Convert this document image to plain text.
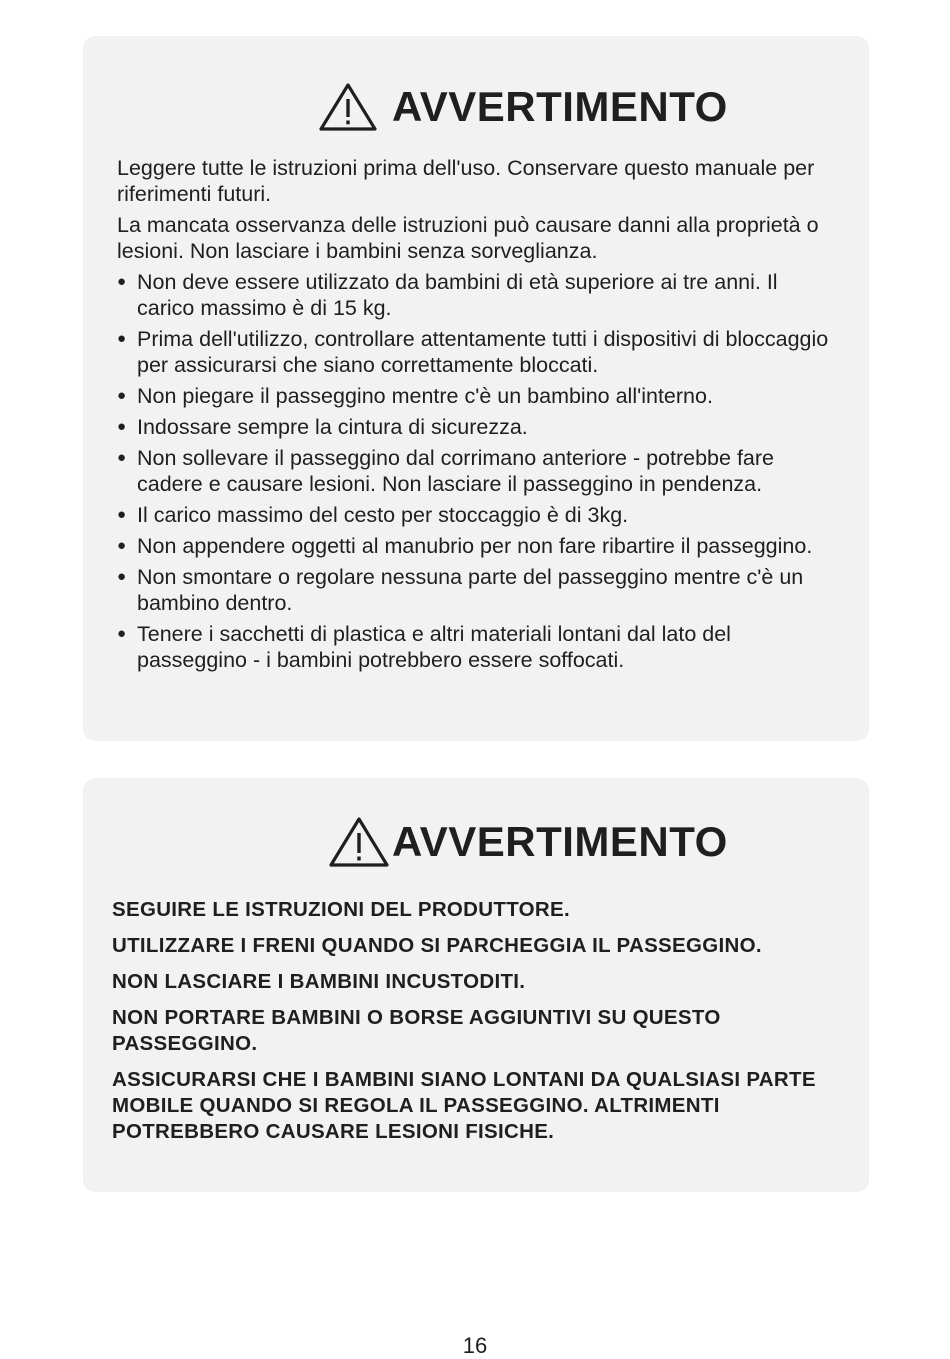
AVVERTIMENTO

Leggere tutte le istruzioni prima dell'uso. Conservare questo manuale per riferimenti futuri.

La mancata osservanza delle istruzioni può causare danni alla proprietà o lesioni. Non lasciare i bambini senza sorveglianza.

● Non deve essere utilizzato da bambini di età superiore ai tre anni. Il carico massimo è di 15 kg.
● Prima dell'utilizzo, controllare attentamente tutti i dispositivi di bloccaggio per assicurarsi che siano correttamente bloccati.
● Non piegare il passeggino mentre c'è un bambino all'interno.
● Indossare sempre la cintura di sicurezza.
● Non sollevare il passeggino dal corrimano anteriore - potrebbe fare cadere e causare lesioni. Non lasciare il passeggino in pendenza.
● Il carico massimo del cesto per stoccaggio è di 3kg.
● Non appendere oggetti al manubrio per non fare ribartire il passeggino.
● Non smontare o regolare nessuna parte del passeggino mentre c'è un bambino dentro.
● Tenere i sacchetti di plastica e altri materiali lontani dal lato del passeggino - i bambini potrebbero essere soffocati.
AVVERTIMENTO

SEGUIRE LE ISTRUZIONI DEL PRODUTTORE.

UTILIZZARE I FRENI QUANDO SI PARCHEGGIA IL PASSEGGINO.

NON LASCIARE I BAMBINI INCUSTODITI.

NON PORTARE BAMBINI O BORSE AGGIUNTIVI SU QUESTO PASSEGGINO.

ASSICURARSI CHE I BAMBINI SIANO LONTANI DA QUALSIASI PARTE MOBILE QUANDO SI REGOLA IL PASSEGGINO. ALTRIMENTI POTREBBERO CAUSARE LESIONI FISICHE.

16
